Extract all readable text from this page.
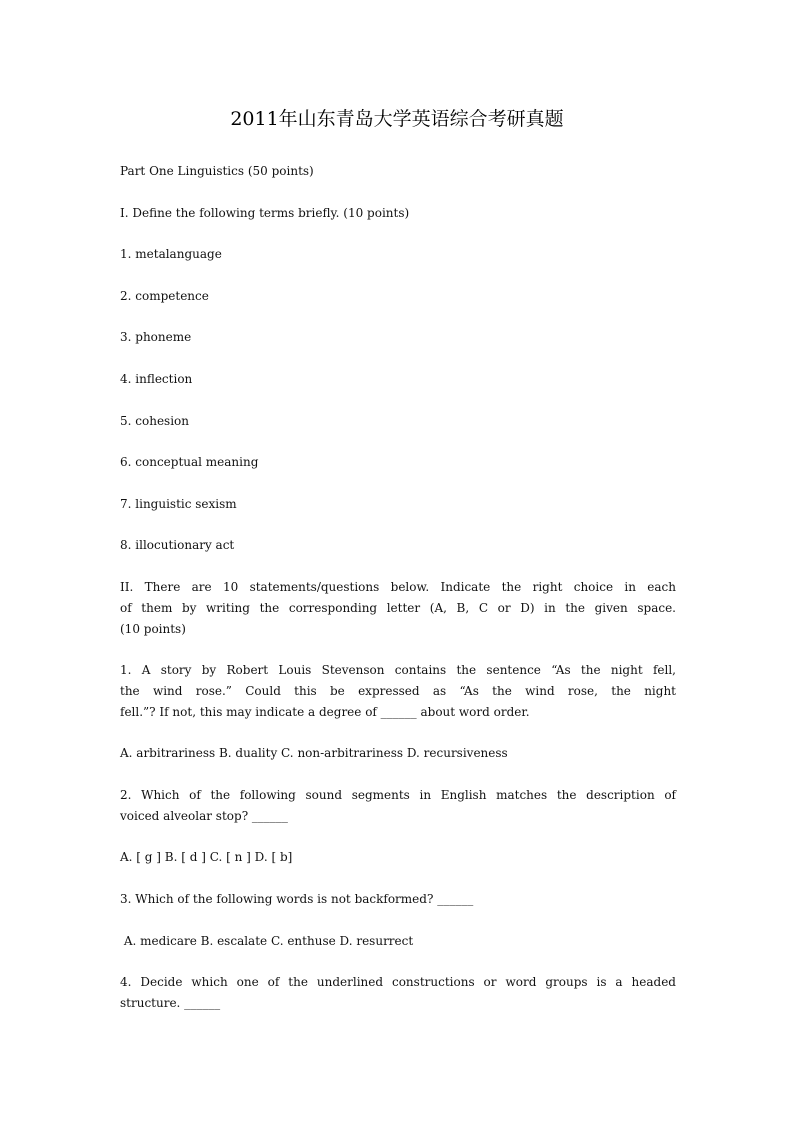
2011年山东青岛大学英语综合考研真题

Part One Linguistics (50 points)

I. Define the following terms briefly. (10 points)

1. metalanguage

2. competence

3. phoneme

4. inflection

5. cohesion

6. conceptual meaning

7. linguistic sexism

8. illocutionary act

II. There are 10 statements/questions below. Indicate the right choice in each

of them by writing the corresponding letter (A, B, C or D) in the given space.

(10 points)

1. A story by Robert Louis Stevenson contains the sentence “As the night fell,

the wind rose.” Could this be expressed as “As the wind rose, the night

fell.”? If not, this may indicate a degree of ______ about word order.

A. arbitrariness B. duality C. non-arbitrariness D. recursiveness

2. Which of the following sound segments in English matches the description of

voiced alveolar stop? ______

A. [ g ] B. [ d ] C. [ n ] D. [ b]

3. Which of the following words is not backformed? ______

A. medicare B. escalate C. enthuse D. resurrect

4. Decide which one of the underlined constructions or word groups is a headed

structure. ______
